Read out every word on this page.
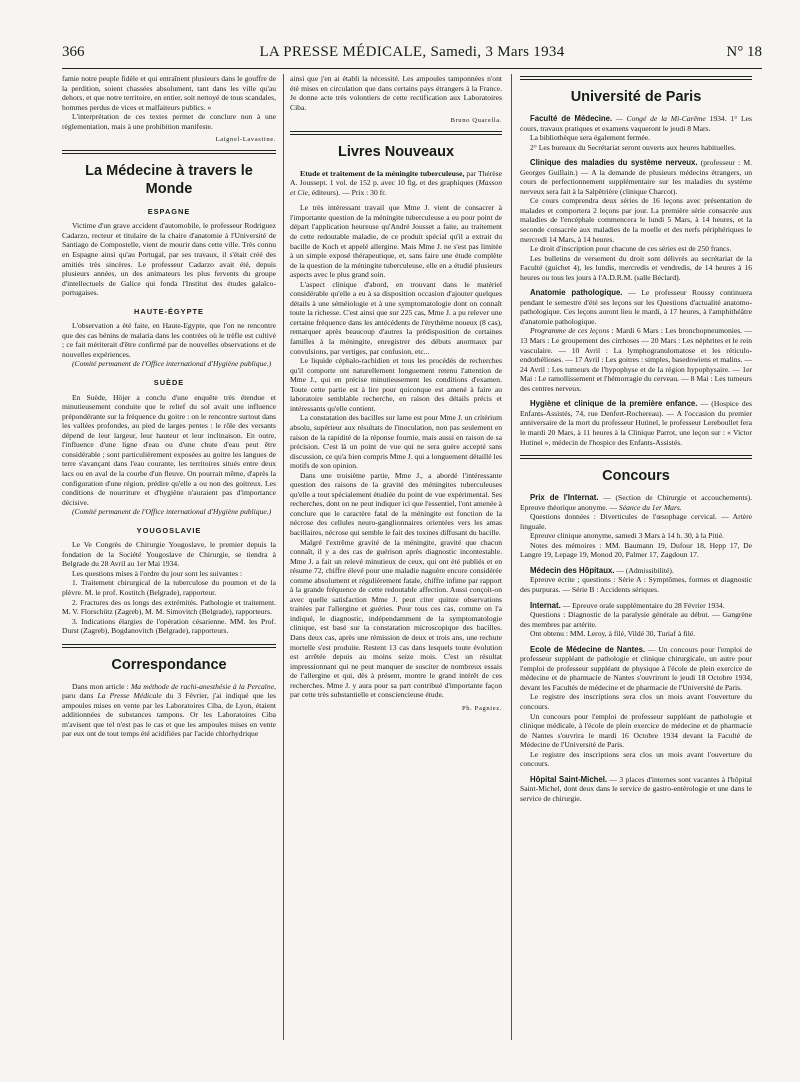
366	LA PRESSE MÉDICALE, Samedi, 3 Mars 1934	N° 18

famie notre peuple fidèle et qui entraînent plusieurs dans le gouffre de la perdition, soient chassées absolument, tant dans les ville qu'au dehors, et que notre territoire, en entier, soit nettoyé de tous scandales, hommes perdus de vices et malfaiteurs publics. »

L'interprétation de ces textes permet de conclure non à une réglementation, mais à une prohibition manifeste.

Laignel-Lavastine.

La Médecine à travers le Monde
ESPAGNE

Victime d'un grave accident d'automobile, le professeur Rodriguez Cadarzo, recteur et titulaire de la chaire d'anatomie à l'Université de Santiago de Compostelle, vient de mourir dans cette ville. Très connu en Espagne ainsi qu'au Portugal, par ses travaux, il s'était créé des amitiés très sincères. Le professeur Cadarzo avait été, depuis plusieurs années, un des animateurs les plus fervents du groupe d'intellectuels de Galice qui fonda l'Institut des études galaïco-portugaises.

HAUTE-ÉGYPTE

L'observation a été faite, en Haute-Egypte, que l'on ne rencontre que des cas bénins de malaria dans les contrées où le trèfle est cultivé ; ce fait mériterait d'être confirmé par de nouvelles observations et de nouvelles expériences.

(Comité permanent de l'Office international d'Hygiène publique.)

SUÈDE

En Suède, Höjer a conclu d'une enquête très étendue et minutieusement conduite que le relief du sol avait une influence prépondérante sur la fréquence du goitre : on le rencontre surtout dans les vallées profondes, au pied de larges pentes : le rôle des versants dépend de leur largeur, leur hauteur et leur inclinaison. En outre, l'influence d'une ligne d'eau ou d'une chute d'eau peut être considérable ; sont particulièrement exposées au goitre les langues de terre s'avançant dans l'eau courante, les territoires situés entre deux lacs ou en aval de la courbe d'un fleuve. On pourrait même, d'après la configuration d'une région, prédire qu'elle a ou non des goitreux. Les conditions de nourriture et d'hygiène n'auraient pas d'importance décisive.

(Comité permanent de l'Office international d'Hygiène publique.)

YOUGOSLAVIE

Le Ve Congrès de Chirurgie Yougoslave, le premier depuis la fondation de la Société Yougoslave de Chirurgie, se tiendra à Belgrade du 28 Avril au 1er Mai 1934.

Les questions mises à l'ordre du jour sont les suivantes :

1. Traitement chirurgical de la tuberculose du poumon et de la plèvre. M. le prof. Kostitch (Belgrade), rapporteur.

2. Fractures des os longs des extrémités. Pathologie et traitement. M. V. Florschütz (Zagreb), M. M. Simovitch (Belgrade), rapporteurs.

3. Indications élargies de l'opération césarienne. MM. les Prof. Durst (Zagreb), Bogdanovitch (Belgrade), rapporteurs.

Correspondance

Dans mon article : Ma méthode de rachi-anesthésie à la Percaïne, paru dans La Presse Médicale du 3 Février, j'ai indiqué que les ampoules mises en vente par les Laboratoires Ciba, de Lyon, étaient additionnées de substances tampons. Or les Laboratoires Ciba m'avisent que tel n'est pas le cas et que les ampoules mises en vente par eux ont de tout temps été acidifiées par l'acide chlorhydrique

ainsi que j'en ai établi la nécessité. Les ampoules tamponnées n'ont été mises en circulation que dans certains pays étrangers à la France. Je donne acte très volontiers de cette rectification aux Laboratoires Ciba.

Bruno Quarella.

Livres Nouveaux

Etude et traitement de la méningite tuberculeuse, par Thérèse A. Joussept. 1 vol. de 152 p. avec 10 fig. et des graphiques (Masson et Cie, éditeurs). — Prix : 30 fr.

Le très intéressant travail que Mme J. vient de consacrer à l'importante question de la méningite tuberculeuse a eu pour point de départ l'application heureuse qu'André Jousset a faite, au traitement de cette redoutable maladie, de ce produit spécial qu'il a extrait du bacille de Koch et appelé allergine. Mais Mme J. ne s'est pas limitée à un simple exposé thérapeutique, et, sans faire une étude complète de la question de la méningite tuberculeuse, elle en a étudié plusieurs aspects avec le plus grand soin.

L'aspect clinique d'abord, en trouvant dans le matériel considérable qu'elle a eu à sa disposition occasion d'ajouter quelques détails à une séméiologie et à une symptomatologie dont on connaît toute la richesse. C'est ainsi que sur 225 cas, Mme J. a pu relever une certaine fréquence dans les antécédents de l'érythème noueux (8 cas), remarquer après beaucoup d'autres la prédisposition de certaines familles à la méningite, enregistrer des débuts anormaux par convulsions, par vertiges, par confusion, etc...

Le liquide céphalo-rachidien et tous les procédés de recherches qu'il comporte ont naturellement longuement retenu l'attention de Mme J., qui en précise minutieusement les conditions d'examen. Toute cette partie est à lire pour quiconque est amené à faire au laboratoire semblable recherche, en raison des détails précis et intéressants qu'elle contient.

La constatation des bacilles sur lame est pour Mme J. un critérium absolu, supérieur aux résultats de l'inoculation, non pas seulement en raison de la rapidité de la réponse fournie, mais aussi en raison de sa précision. C'est là un point de vue qui ne sera guère accepté sans discussion, ce qu'a bien compris Mme J. qui a longuement détaillé les motifs de son opinion.

Dans une troisième partie, Mme J., a abordé l'intéressante question des raisons de la gravité des méningites tuberculeuses qu'elle a tout spécialement étudiée du point de vue expérimental. Ses recherches, dont on ne peut indiquer ici que l'essentiel, l'ont amenée à conclure que le caractère fatal de la méningite est fonction de la nécrose des cellules neuro-ganglionnaires orientées vers les amas bacillaires, nécrose qui semble le fait des toxines diffusant du bacille.

Malgré l'extrême gravité de la méningite, gravité que chacun connaît, il y a des cas de guérison après diagnostic incontestable. Mme J. a fait un relevé minutieux de ceux, qui ont été publiés et en résume 72, chiffre élevé pour une maladie naguère encore considérée comme absolument et régulièrement fatale, chiffre infime par rapport à la grande fréquence de cette redoutable affection. Aussi conçoit-on avec quelle satisfaction Mme J. peut citer quinze observations traitées par l'allergine et guéries. Pour tous ces cas, comme on l'a indiqué, le diagnostic, indépendamment de la symptomatologie clinique, est basé sur la constatation microscopique des bacilles. Dans deux cas, après une rémission de deux et trois ans, une rechute mortelle s'est produite. Restent 13 cas dans lesquels toute évolution est arrêtée depuis au moins seize mois. C'est un résultat impressionnant qui ne peut manquer de susciter de nombreux essais de l'allergine et qui, dès à présent, montre le grand intérêt de ces recherches. Mme J. y aura pour sa part contribué d'importante façon par cette très substantielle et consciencieuse étude.

Ph. Pagniez.

Université de Paris

Faculté de Médecine. — Congé de la Mi-Carême 1934. 1° Les cours, travaux pratiques et examens vaqueront le jeudi 8 Mars.

La bibliothèque sera également fermée.

2° Les bureaux du Secrétariat seront ouverts aux heures habituelles.

Clinique des maladies du système nerveux. (professeur : M. Georges Guillain.) — A la demande de plusieurs médecins étrangers, un cours de perfectionnement supplémentaire sur les maladies du système nerveux sera fait à la Salpêtrière (clinique Charcot).

Ce cours comprendra deux séries de 16 leçons avec présentation de malades et comportera 2 leçons par jour. La première série consacrée aux maladies de l'encéphale commencera le lundi 5 Mars, à 14 heures, et la seconde consacrée aux maladies de la moelle et des nerfs périphériques le mercredi 14 Mars, à 14 heures.

Le droit d'inscription pour chacune de ces séries est de 250 francs.

Les bulletins de versement du droit sont délivrés au secrétariat de la Faculté (guichet 4), les lundis, mercredis et vendredis, de 14 heures à 16 heures ou tous les jours à l'A.D.R.M. (salle Béclard).

Anatomie pathologique. — Le professeur Roussy continuera pendant le semestre d'été ses leçons sur les Questions d'actualité anatomo-pathologique. Ces leçons auront lieu le mardi, à 17 heures, à l'amphithéâtre d'anatomie pathologique.

Programme de ces leçons : Mardi 6 Mars : Les bronchopneumonies. — 13 Mars : Le groupement des cirrhoses — 20 Mars : Les néphrites et le rein vasculaire. — 10 Avril : La lymphogranulomatose et les réticulo-endothélioses. — 17 Avril : Les goitres : simples, basedowiens et malins. — 24 Avril : Les tumeurs de l'hypophyse et de la région hypophysaire. — 1er Mai : Le ramollissement et l'hémorragie du cerveau. — 8 Mai : Les tumeurs des centres nerveux.

Hygiène et clinique de la première enfance. — (Hospice des Enfants-Assistés, 74, rue Denfert-Rochereau). — A l'occasion du premier anniversaire de la mort du professeur Hutinel, le professeur Lereboullet fera le mardi 20 Mars, à 11 heures à la Clinique Parrot, une leçon sur : « Victor Hutinel », médecin de l'hospice des Enfants-Assistés.

Concours

Prix de l'Internat. — (Section de Chirurgie et accouchements). Epreuve théorique anonyme. — Séance du 1er Mars.

Questions données : Diverticules de l'œsophage cervical. — Artère linguale.

Epreuve clinique anonyme, samedi 3 Mars à 14 h. 30, à la Pitié.

Notes des mémoires : MM. Baumann 19, Dufour 18, Hepp 17, De Langre 19, Lepage 19, Monod 20, Palmer 17, Zagdoun 17.

Médecin des Hôpitaux. — (Admissibilité).

Epreuve écrite ; questions : Série A : Symptômes, formes et diagnostic des purpuras. — Série B : Accidents sériques.

Internat. — Epreuve orale supplémentaire du 28 Février 1934.

Questions : Diagnostic de la paralysie générale au début. — Gangrène des membres par artérite.

Ont obtenu : MM. Leroy, à filé, Vildé 30, Turiaf à filé.

Ecole de Médecine de Nantes. — Un concours pour l'emploi de professeur suppléant de pathologie et clinique chirurgicale, un autre pour l'emploi de professeur suppléant de physique à l'école de plein exercice de médecine et de pharmacie de Nantes s'ouvriront le jeudi 18 Octobre 1934, devant les Facultés de médecine et de pharmacie de l'Université de Paris.

Le registre des inscriptions sera clos un mois avant l'ouverture du concours.

Un concours pour l'emploi de professeur suppléant de pathologie et clinique médicale, à l'école de plein exercice de médecine et de pharmacie de Nantes s'ouvrira le mardi 16 Octobre 1934 devant la Faculté de Médecine de l'Université de Paris.

Le registre des inscriptions sera clos un mois avant l'ouverture du concours.

Hôpital Saint-Michel. — 3 places d'internes sont vacantes à l'hôpital Saint-Michel, dont deux dans le service de gastro-entérologie et une dans le service de chirurgie.
